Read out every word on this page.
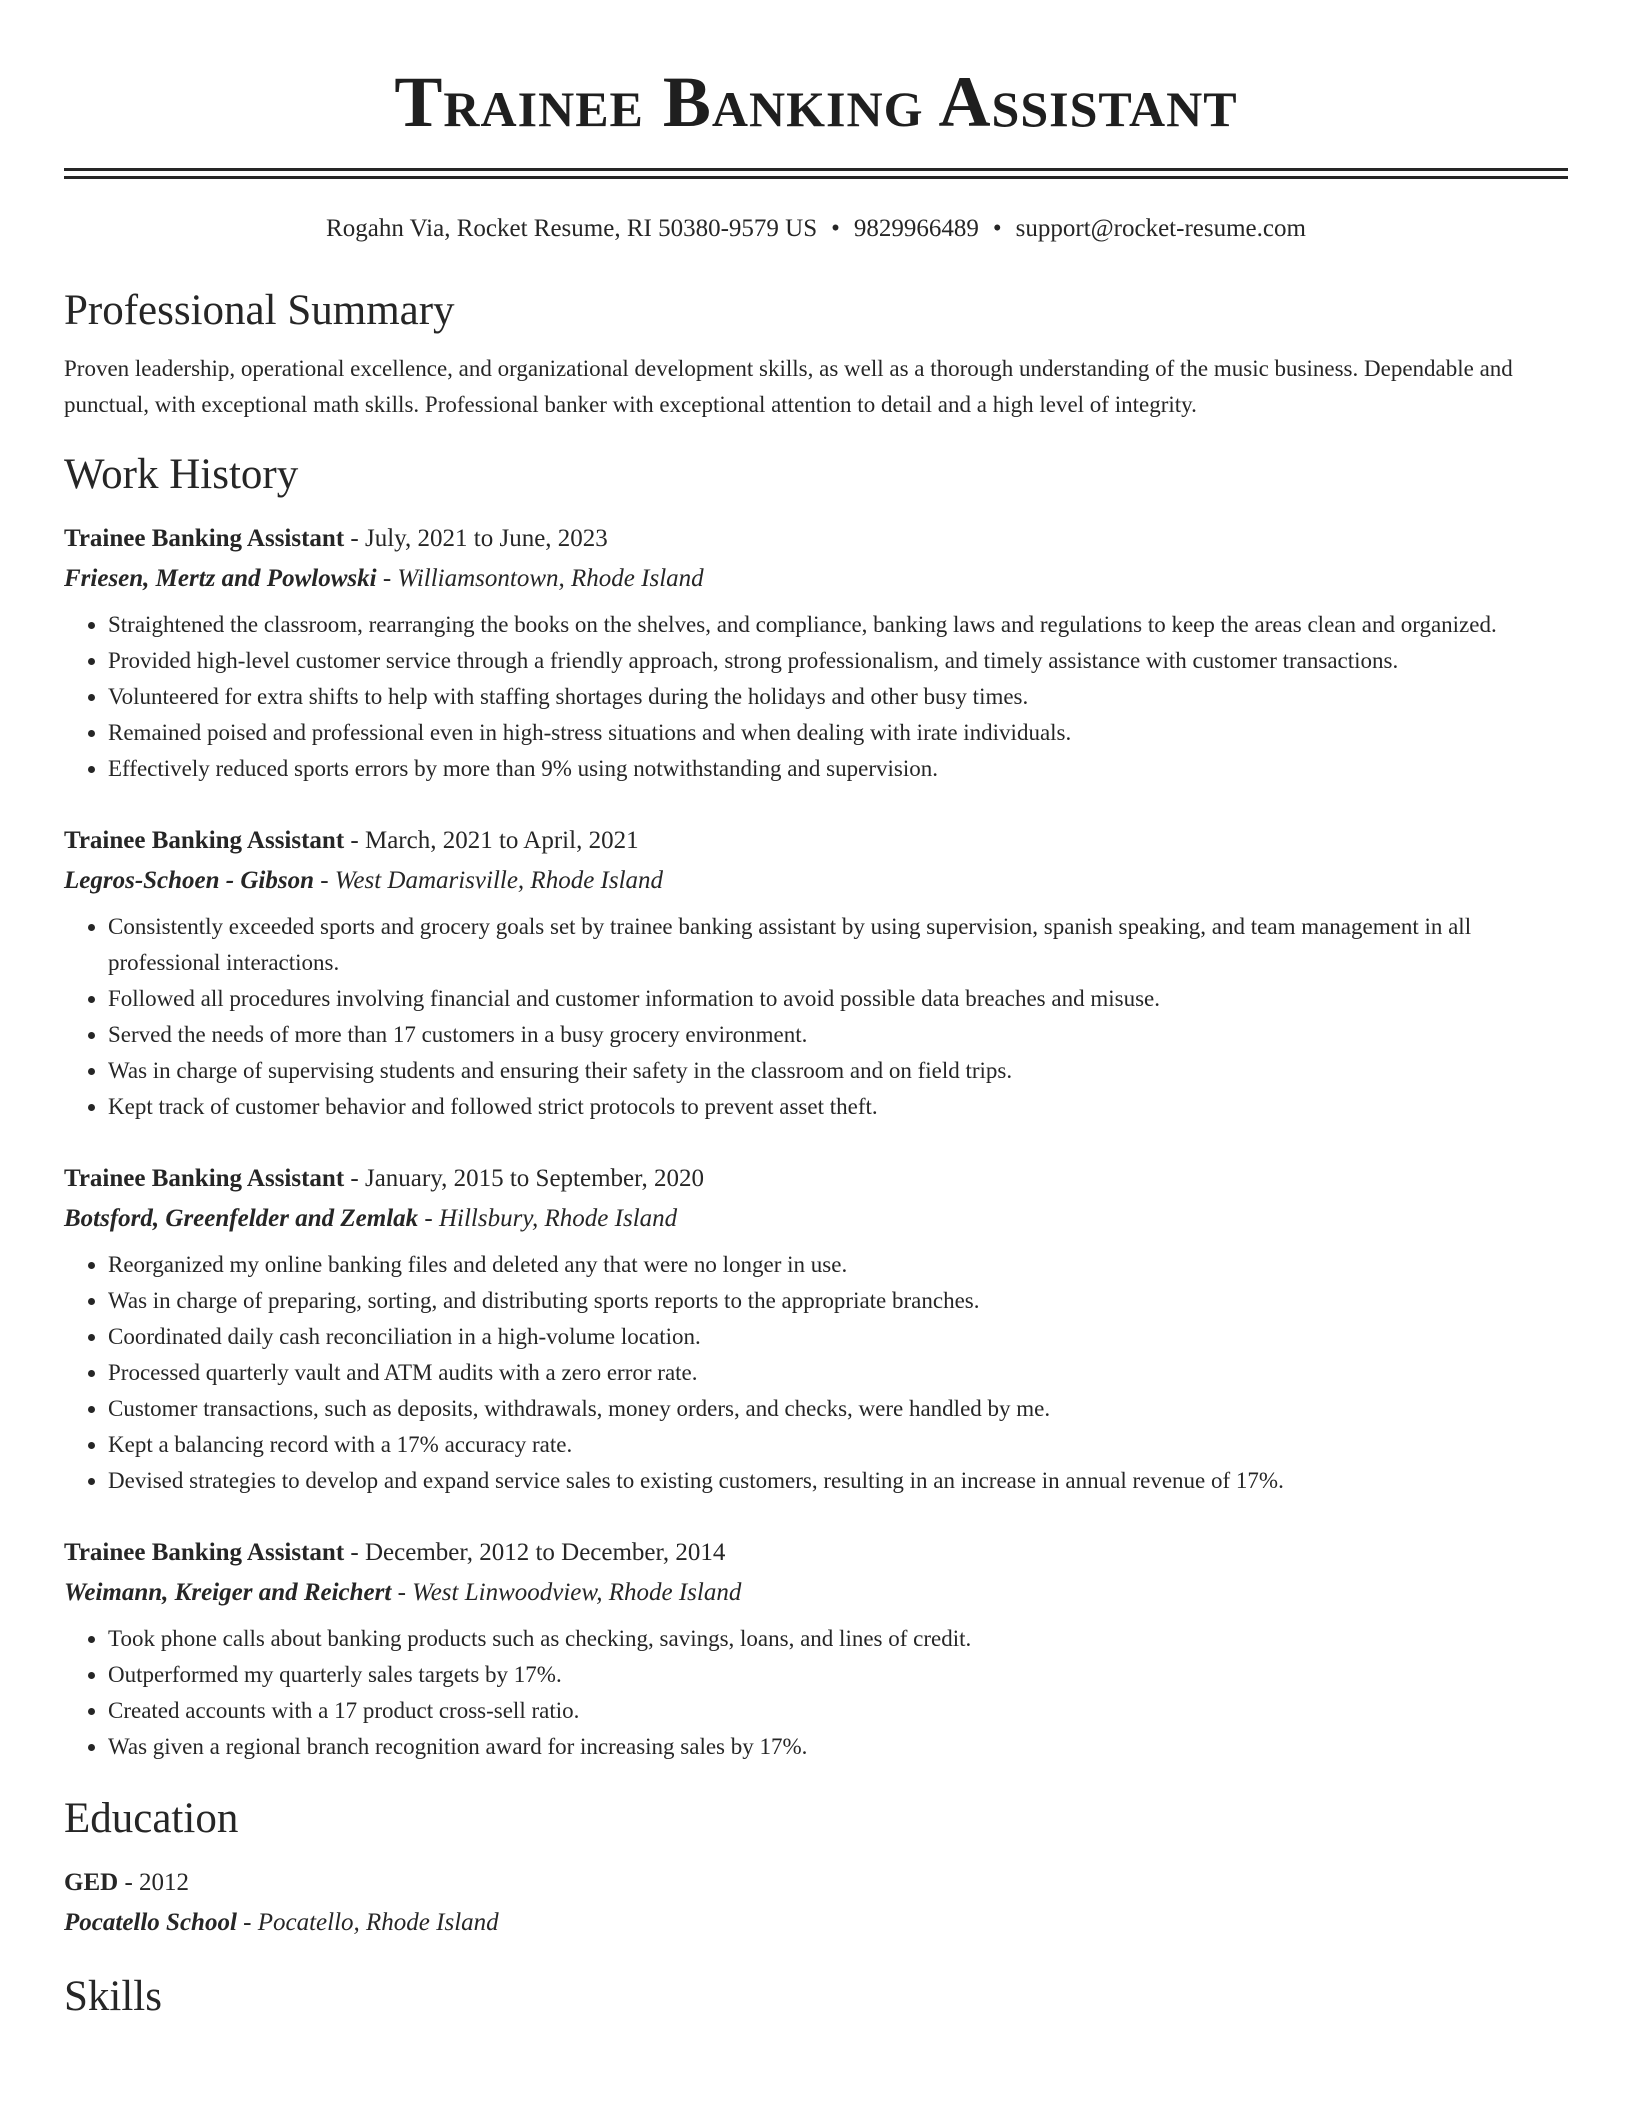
Trainee Banking Assistant
Rogahn Via, Rocket Resume, RI 50380-9579 US • 9829966489 • support@rocket-resume.com
Professional Summary
Proven leadership, operational excellence, and organizational development skills, as well as a thorough understanding of the music business. Dependable and punctual, with exceptional math skills. Professional banker with exceptional attention to detail and a high level of integrity.
Work History
Trainee Banking Assistant - July, 2021 to June, 2023
Friesen, Mertz and Powlowski - Williamsontown, Rhode Island
• Straightened the classroom, rearranging the books on the shelves, and compliance, banking laws and regulations to keep the areas clean and organized.
• Provided high-level customer service through a friendly approach, strong professionalism, and timely assistance with customer transactions.
• Volunteered for extra shifts to help with staffing shortages during the holidays and other busy times.
• Remained poised and professional even in high-stress situations and when dealing with irate individuals.
• Effectively reduced sports errors by more than 9% using notwithstanding and supervision.
Trainee Banking Assistant - March, 2021 to April, 2021
Legros-Schoen - Gibson - West Damarisville, Rhode Island
• Consistently exceeded sports and grocery goals set by trainee banking assistant by using supervision, spanish speaking, and team management in all professional interactions.
• Followed all procedures involving financial and customer information to avoid possible data breaches and misuse.
• Served the needs of more than 17 customers in a busy grocery environment.
• Was in charge of supervising students and ensuring their safety in the classroom and on field trips.
• Kept track of customer behavior and followed strict protocols to prevent asset theft.
Trainee Banking Assistant - January, 2015 to September, 2020
Botsford, Greenfelder and Zemlak - Hillsbury, Rhode Island
• Reorganized my online banking files and deleted any that were no longer in use.
• Was in charge of preparing, sorting, and distributing sports reports to the appropriate branches.
• Coordinated daily cash reconciliation in a high-volume location.
• Processed quarterly vault and ATM audits with a zero error rate.
• Customer transactions, such as deposits, withdrawals, money orders, and checks, were handled by me.
• Kept a balancing record with a 17% accuracy rate.
• Devised strategies to develop and expand service sales to existing customers, resulting in an increase in annual revenue of 17%.
Trainee Banking Assistant - December, 2012 to December, 2014
Weimann, Kreiger and Reichert - West Linwoodview, Rhode Island
• Took phone calls about banking products such as checking, savings, loans, and lines of credit.
• Outperformed my quarterly sales targets by 17%.
• Created accounts with a 17 product cross-sell ratio.
• Was given a regional branch recognition award for increasing sales by 17%.
Education
GED - 2012
Pocatello School - Pocatello, Rhode Island
Skills
